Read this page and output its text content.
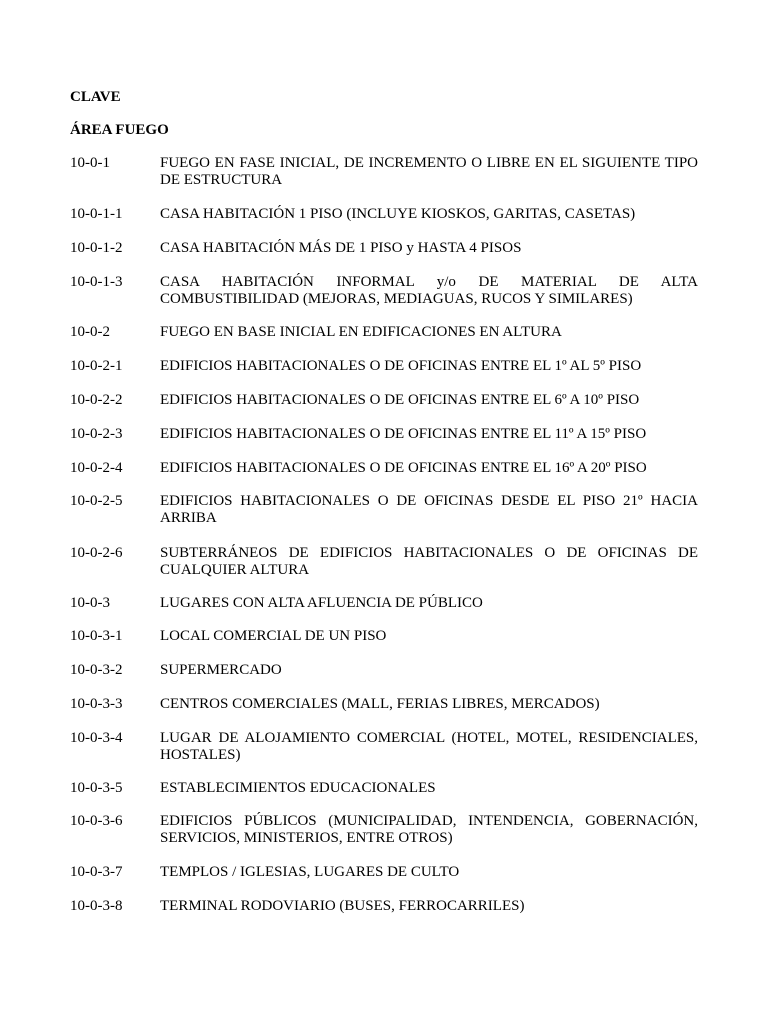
CLAVE
ÁREA FUEGO
10-0-1	FUEGO EN FASE INICIAL, DE INCREMENTO O LIBRE EN EL SIGUIENTE TIPO DE ESTRUCTURA
10-0-1-1	CASA HABITACIÓN 1 PISO (INCLUYE KIOSKOS, GARITAS, CASETAS)
10-0-1-2	CASA HABITACIÓN MÁS DE 1 PISO y HASTA 4 PISOS
10-0-1-3	CASA HABITACIÓN INFORMAL y/o DE MATERIAL DE ALTA COMBUSTIBILIDAD (MEJORAS, MEDIAGUAS, RUCOS Y SIMILARES)
10-0-2	FUEGO EN BASE INICIAL EN EDIFICACIONES EN ALTURA
10-0-2-1	EDIFICIOS HABITACIONALES O DE OFICINAS ENTRE EL 1º AL 5º PISO
10-0-2-2	EDIFICIOS HABITACIONALES O DE OFICINAS ENTRE EL 6º A 10º PISO
10-0-2-3	EDIFICIOS HABITACIONALES O DE OFICINAS ENTRE EL 11º A 15º PISO
10-0-2-4	EDIFICIOS HABITACIONALES O DE OFICINAS ENTRE EL 16º A 20º PISO
10-0-2-5	EDIFICIOS HABITACIONALES O DE OFICINAS DESDE EL PISO 21º HACIA ARRIBA
10-0-2-6	SUBTERRÁNEOS DE EDIFICIOS HABITACIONALES O DE OFICINAS DE CUALQUIER ALTURA
10-0-3	LUGARES CON ALTA AFLUENCIA DE PÚBLICO
10-0-3-1	LOCAL COMERCIAL DE UN PISO
10-0-3-2	SUPERMERCADO
10-0-3-3	CENTROS COMERCIALES (MALL, FERIAS LIBRES, MERCADOS)
10-0-3-4	LUGAR DE ALOJAMIENTO COMERCIAL (HOTEL, MOTEL, RESIDENCIALES, HOSTALES)
10-0-3-5	ESTABLECIMIENTOS EDUCACIONALES
10-0-3-6	EDIFICIOS PÚBLICOS (MUNICIPALIDAD, INTENDENCIA, GOBERNACIÓN, SERVICIOS, MINISTERIOS, ENTRE OTROS)
10-0-3-7	TEMPLOS / IGLESIAS, LUGARES DE CULTO
10-0-3-8	TERMINAL RODOVIARIO (BUSES, FERROCARRILES)
